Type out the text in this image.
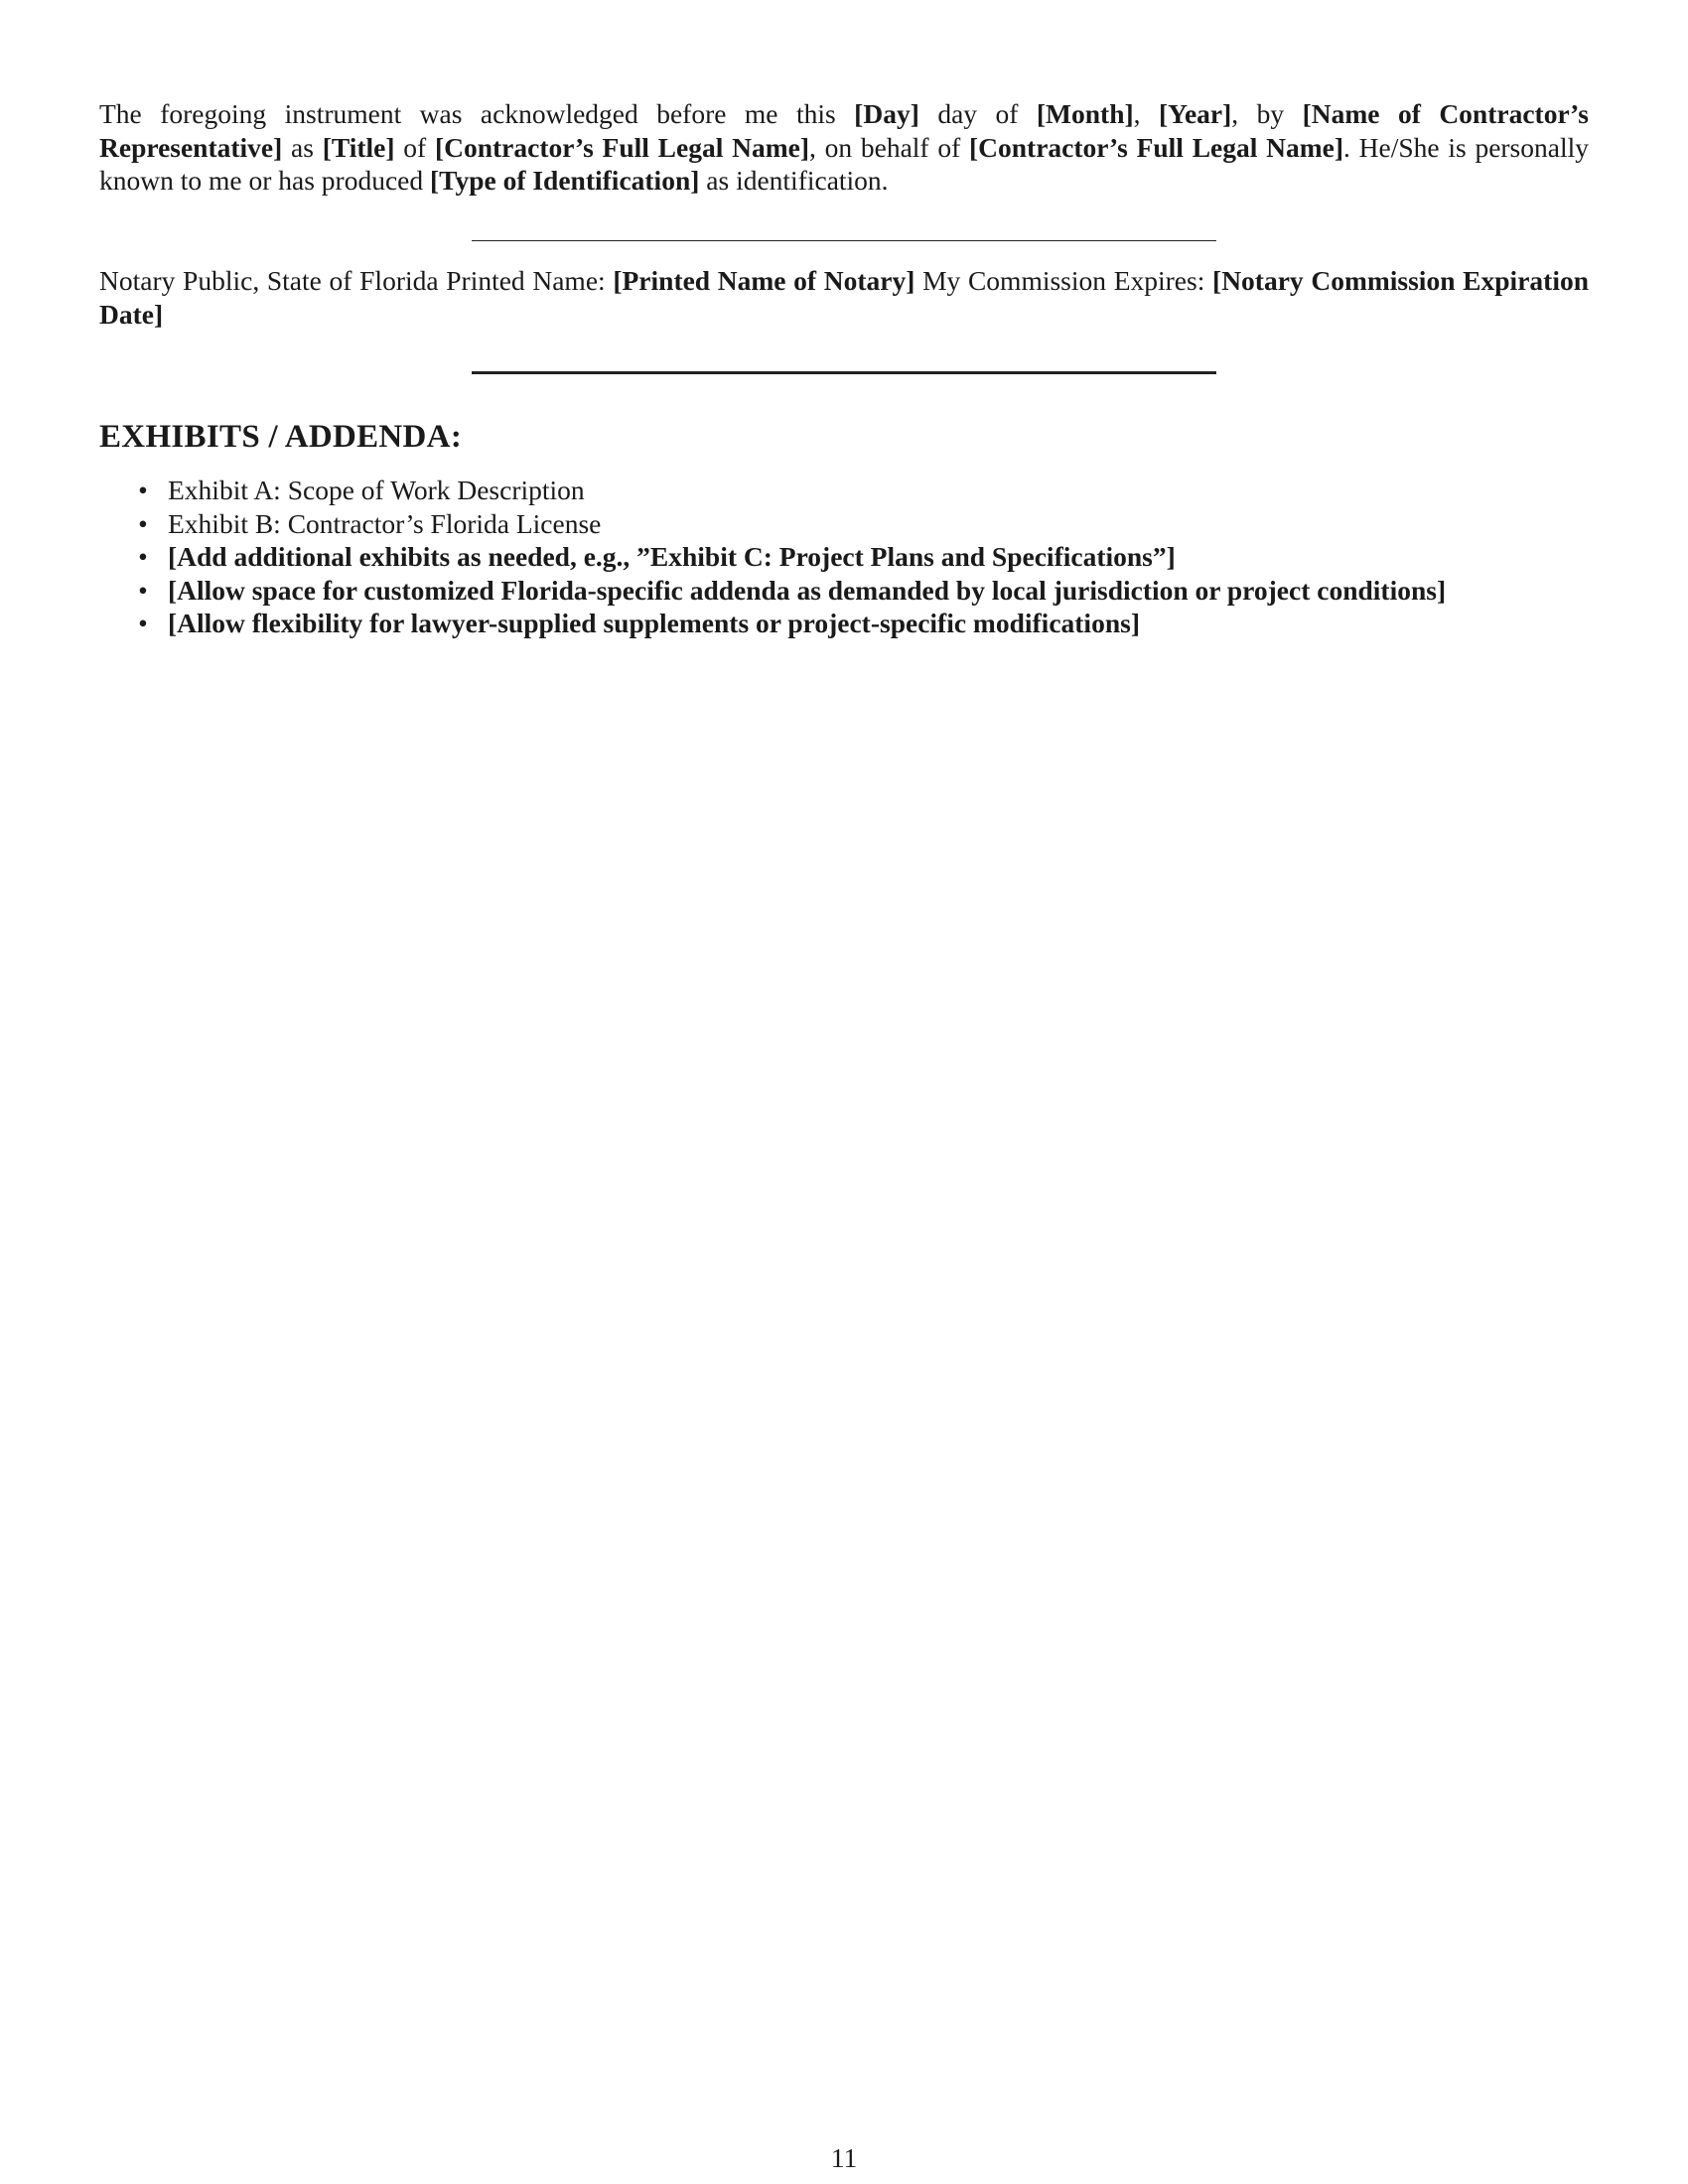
The foregoing instrument was acknowledged before me this [Day] day of [Month], [Year], by [Name of Contractor’s Representative] as [Title] of [Contractor’s Full Legal Name], on behalf of [Contractor’s Full Legal Name]. He/She is personally known to me or has produced [Type of Identification] as identification.

Notary Public, State of Florida Printed Name: [Printed Name of Notary] My Commission Expires: [Notary Commission Expiration Date]

EXHIBITS / ADDENDA:
• Exhibit A: Scope of Work Description
• Exhibit B: Contractor’s Florida License
• [Add additional exhibits as needed, e.g., ”Exhibit C: Project Plans and Specifications”]
• [Allow space for customized Florida-specific addenda as demanded by local jurisdiction or project conditions]
• [Allow flexibility for lawyer-supplied supplements or project-specific modifications]
11
